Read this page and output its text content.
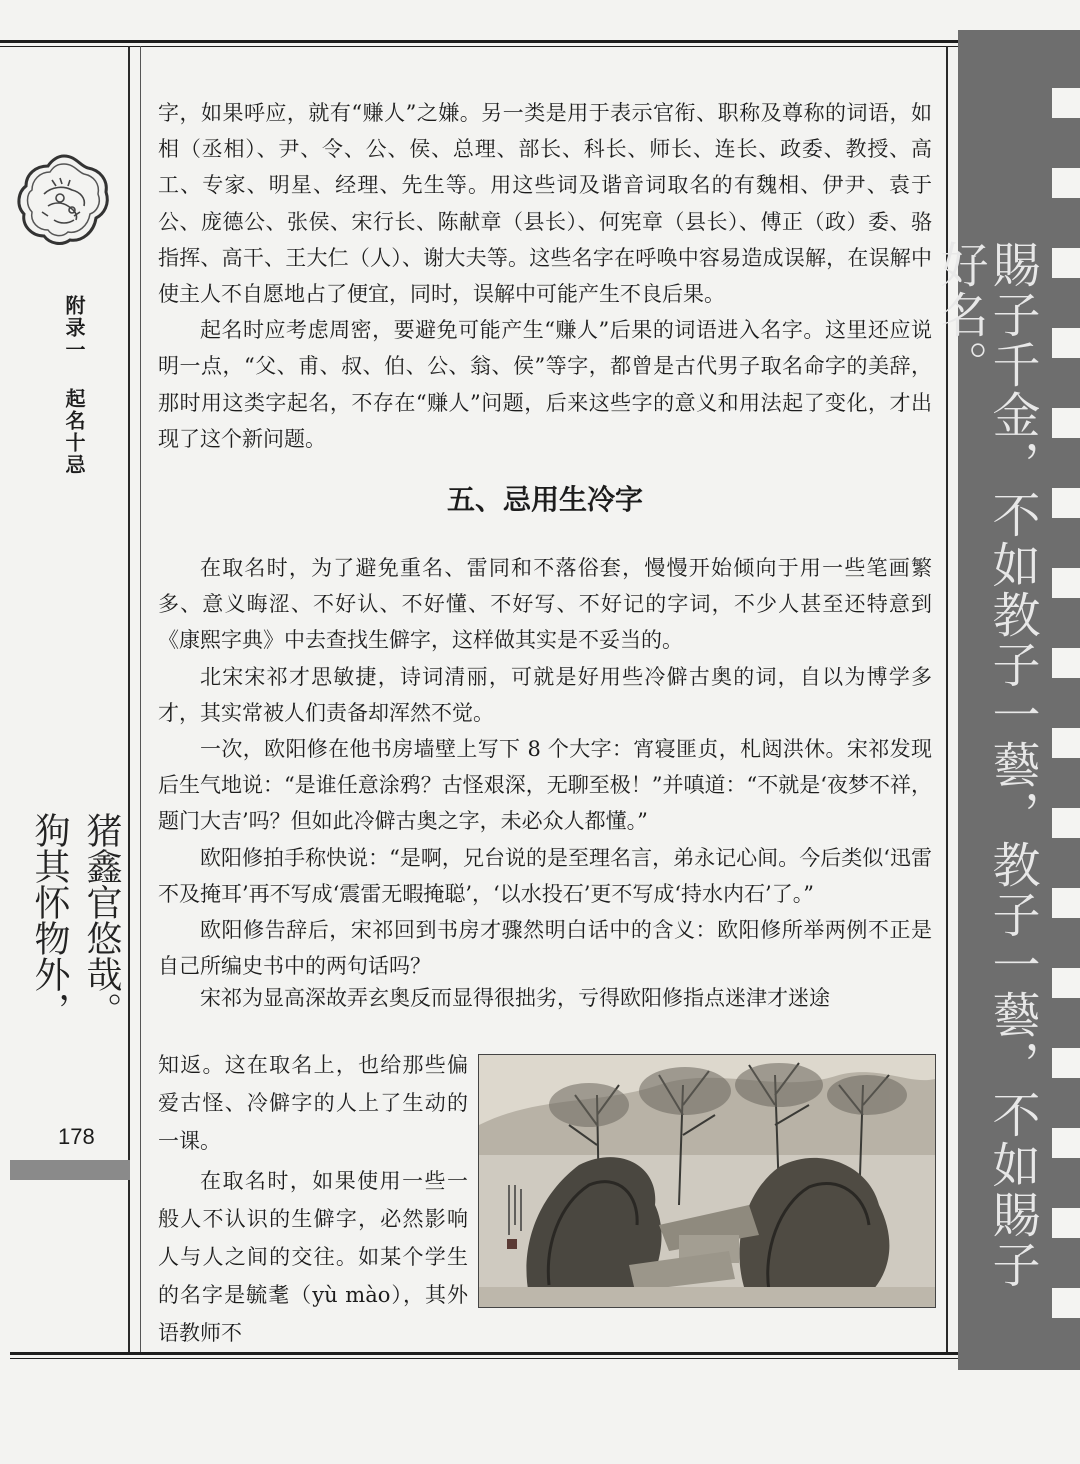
附录一
起名十忌
猪鑫官悠哉。
狗其怀物外，
178

字，如果呼应，就有“赚人”之嫌。另一类是用于表示官衔、职称及尊称的词语，如相（丞相）、尹、令、公、侯、总理、部长、科长、师长、连长、政委、教授、高工、专家、明星、经理、先生等。用这些词及谐音词取名的有魏相、伊尹、袁于公、庞德公、张侯、宋行长、陈献章（县长）、何宪章（县长）、傅正（政）委、骆指挥、高干、王大仁（人）、谢大夫等。这些名字在呼唤中容易造成误解，在误解中使主人不自愿地占了便宜，同时，误解中可能产生不良后果。

起名时应考虑周密，要避免可能产生“赚人”后果的词语进入名字。这里还应说明一点，“父、甫、叔、伯、公、翁、侯”等字，都曾是古代男子取名命字的美辞，那时用这类字起名，不存在“赚人”问题，后来这些字的意义和用法起了变化，才出现了这个新问题。

五、忌用生冷字

在取名时，为了避免重名、雷同和不落俗套，慢慢开始倾向于用一些笔画繁多、意义晦涩、不好认、不好懂、不好写、不好记的字词，不少人甚至还特意到《康熙字典》中去查找生僻字，这样做其实是不妥当的。

北宋宋祁才思敏捷，诗词清丽，可就是好用些冷僻古奥的词，自以为博学多才，其实常被人们责备却浑然不觉。

一次，欧阳修在他书房墙壁上写下 8 个大字：宵寝匪贞，札闼洪休。宋祁发现后生气地说：“是谁任意涂鸦？古怪艰深，无聊至极！”并嗔道：“不就是‘夜梦不祥，题门大吉’吗？但如此冷僻古奥之字，未必众人都懂。”

欧阳修拍手称快说：“是啊，兄台说的是至理名言，弟永记心间。今后类似‘迅雷不及掩耳’再不写成‘震雷无暇掩聪’，‘以水投石’更不写成‘持水内石’了。”

欧阳修告辞后，宋祁回到书房才骤然明白话中的含义：欧阳修所举两例不正是自己所编史书中的两句话吗？

宋祁为显高深故弄玄奥反而显得很拙劣，亏得欧阳修指点迷津才迷途

知返。这在取名上，也给那些偏爱古怪、冷僻字的人上了生动的一课。

在取名时，如果使用一些一般人不认识的生僻字，必然影响人与人之间的交往。如某个学生的名字是毓耄（yù mào），其外语教师不

賜子千金，不如教子一藝，教子一藝，不如賜子好名。
